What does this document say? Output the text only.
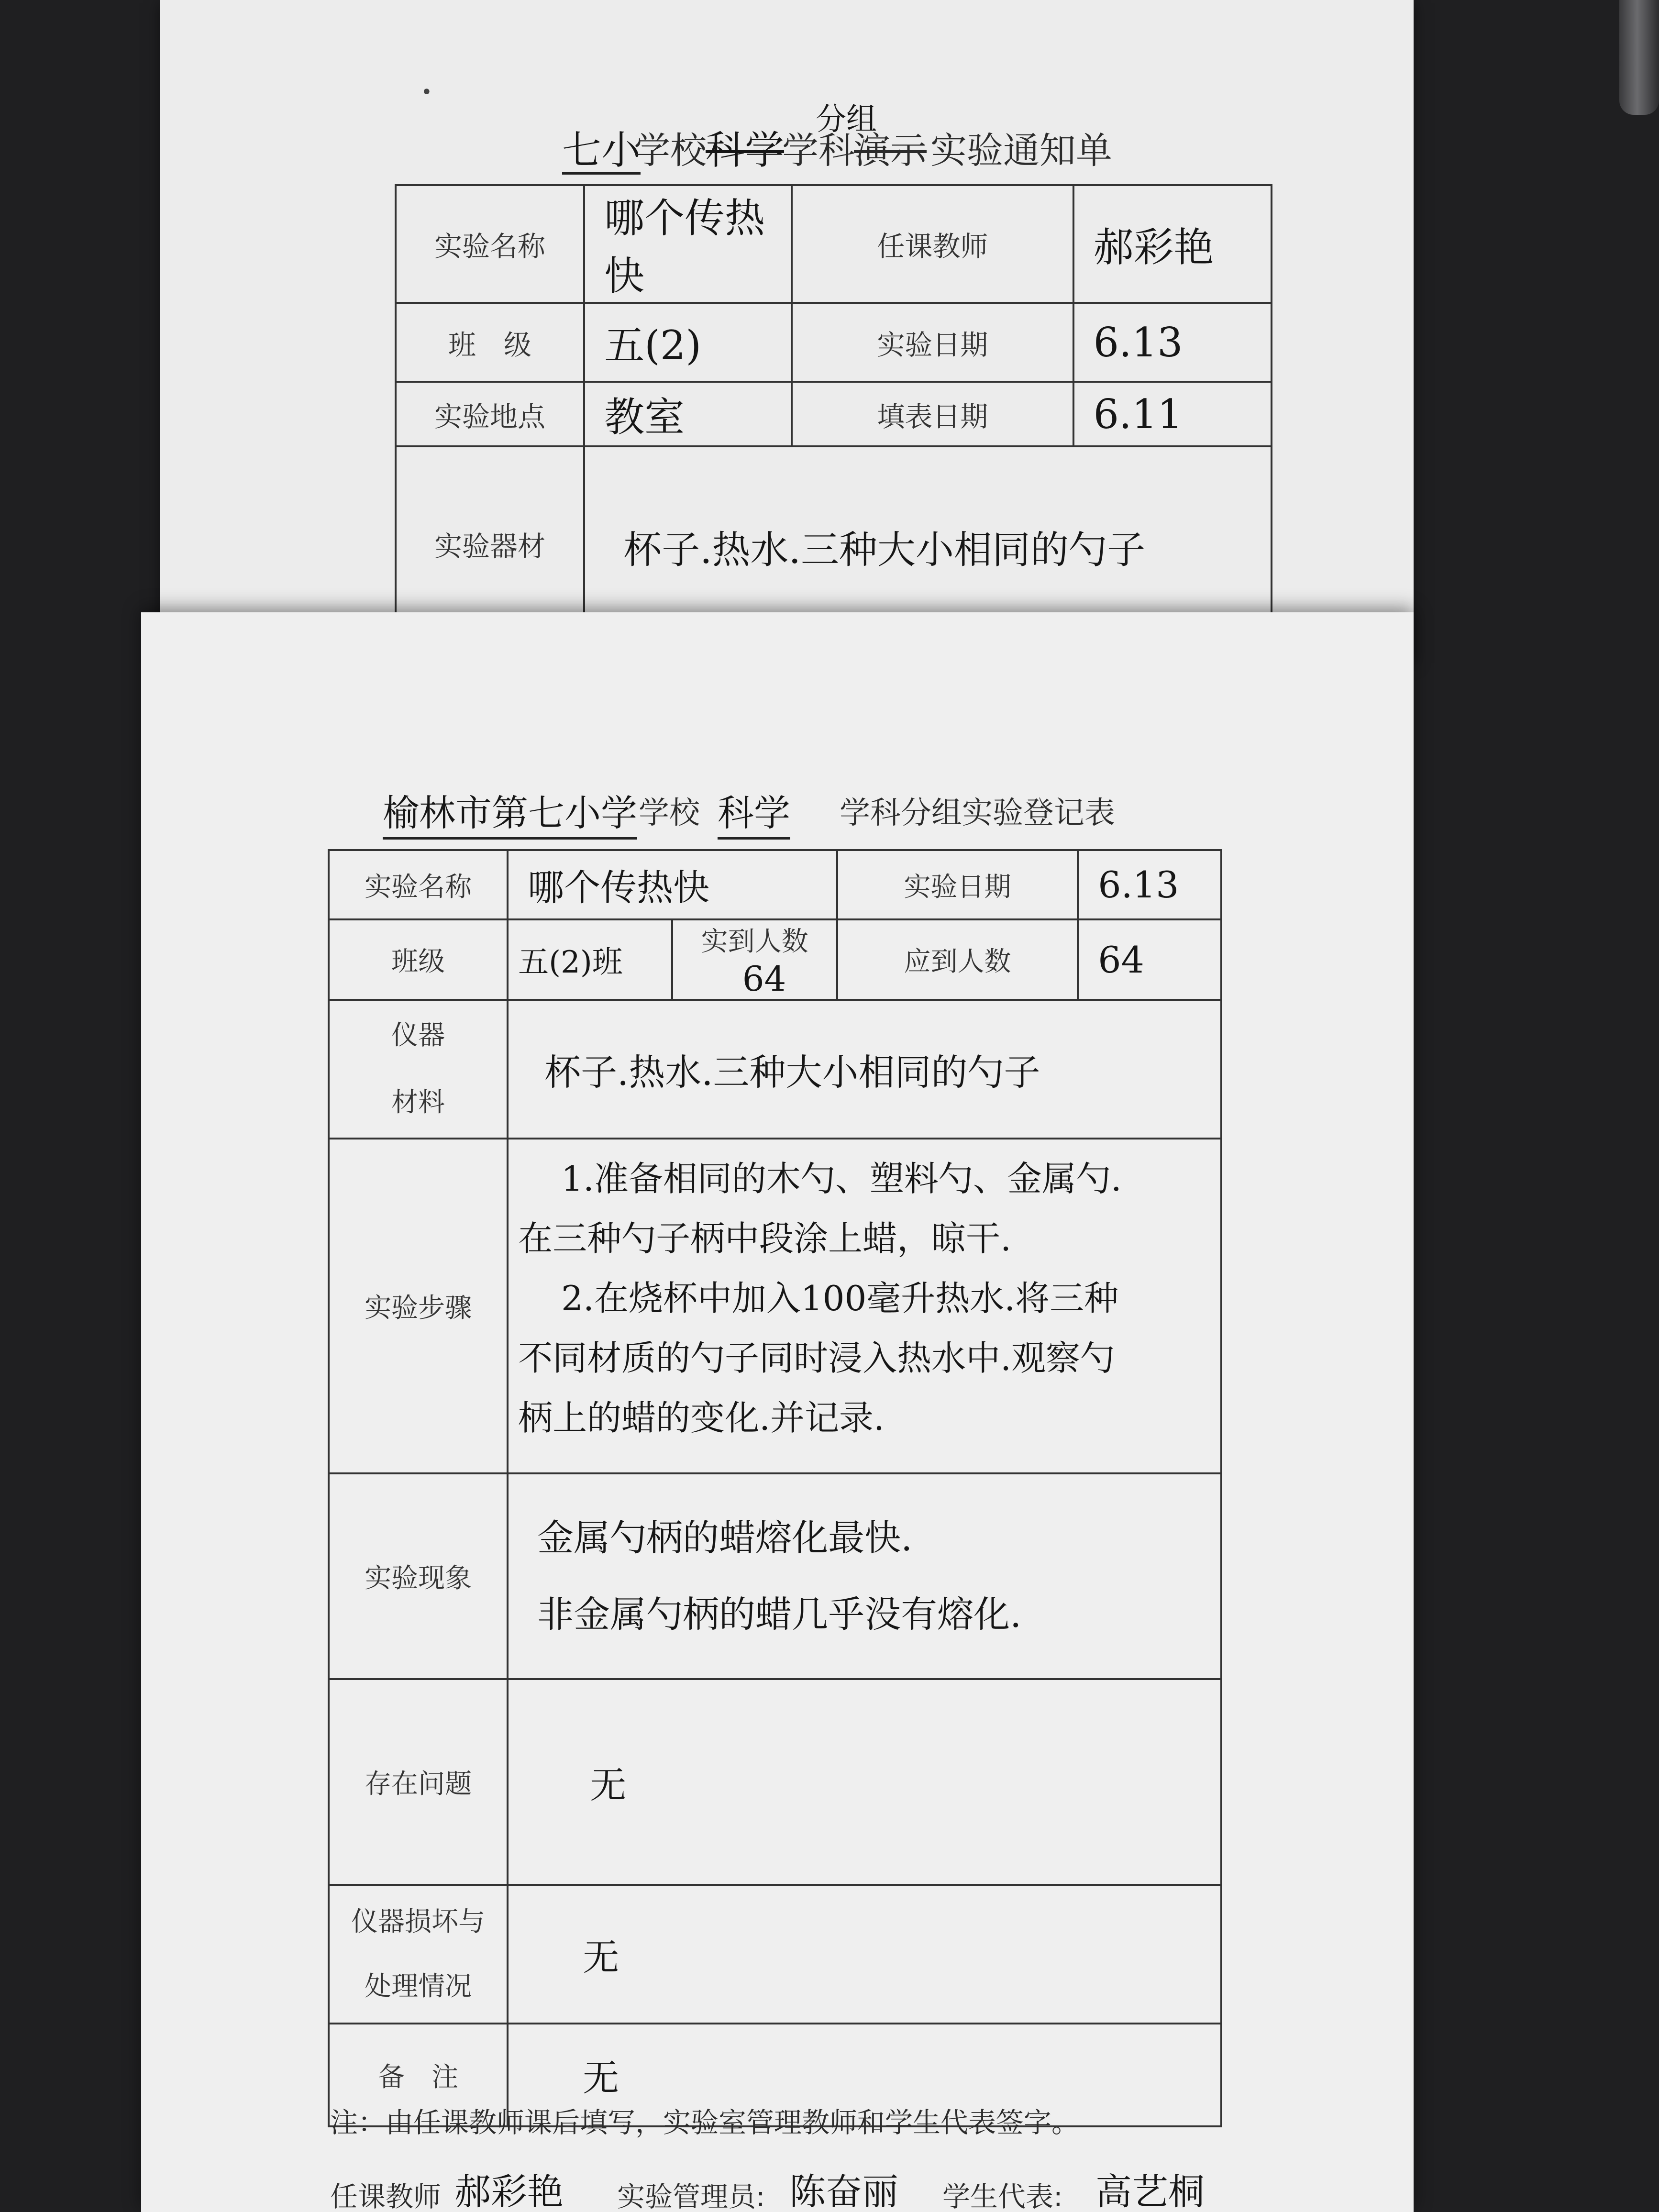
•
七小
学校
科学
学科
演示
分组
实验通知单
实验名称	哪个传热快	任课教师	郝彩艳
班　级	五(2)	实验日期	6.13
实验地点	教室	填表日期	6.11
实验器材	杯子.热水.三种大小相同的勺子		
榆林市第七小学 学校 科学 学科分组实验登记表
实验名称	哪个传热快		实验日期	6.13
班级	五(2)班	实到人数 64	应到人数	64

仪器
材料	杯子.热水.三种大小相同的勺子			
实验步骤	1.准备相同的木勺、塑料勺、金属勺.

在三种勺子柄中段涂上蜡，晾干.

2.在烧杯中加入100毫升热水.将三种

不同材质的勺子同时浸入热水中.观察勺

柄上的蜡的变化.并记录.			

实验现象	金属勺柄的蜡熔化最快.

非金属勺柄的蜡几乎没有熔化.			

存在问题	无			

仪器损坏与
处理情况	无			
备　注	无			
注：由任课教师课后填写，实验室管理教师和学生代表签字。
任课教师 郝彩艳 实验管理员: 陈奋丽 学生代表: 高艺桐
